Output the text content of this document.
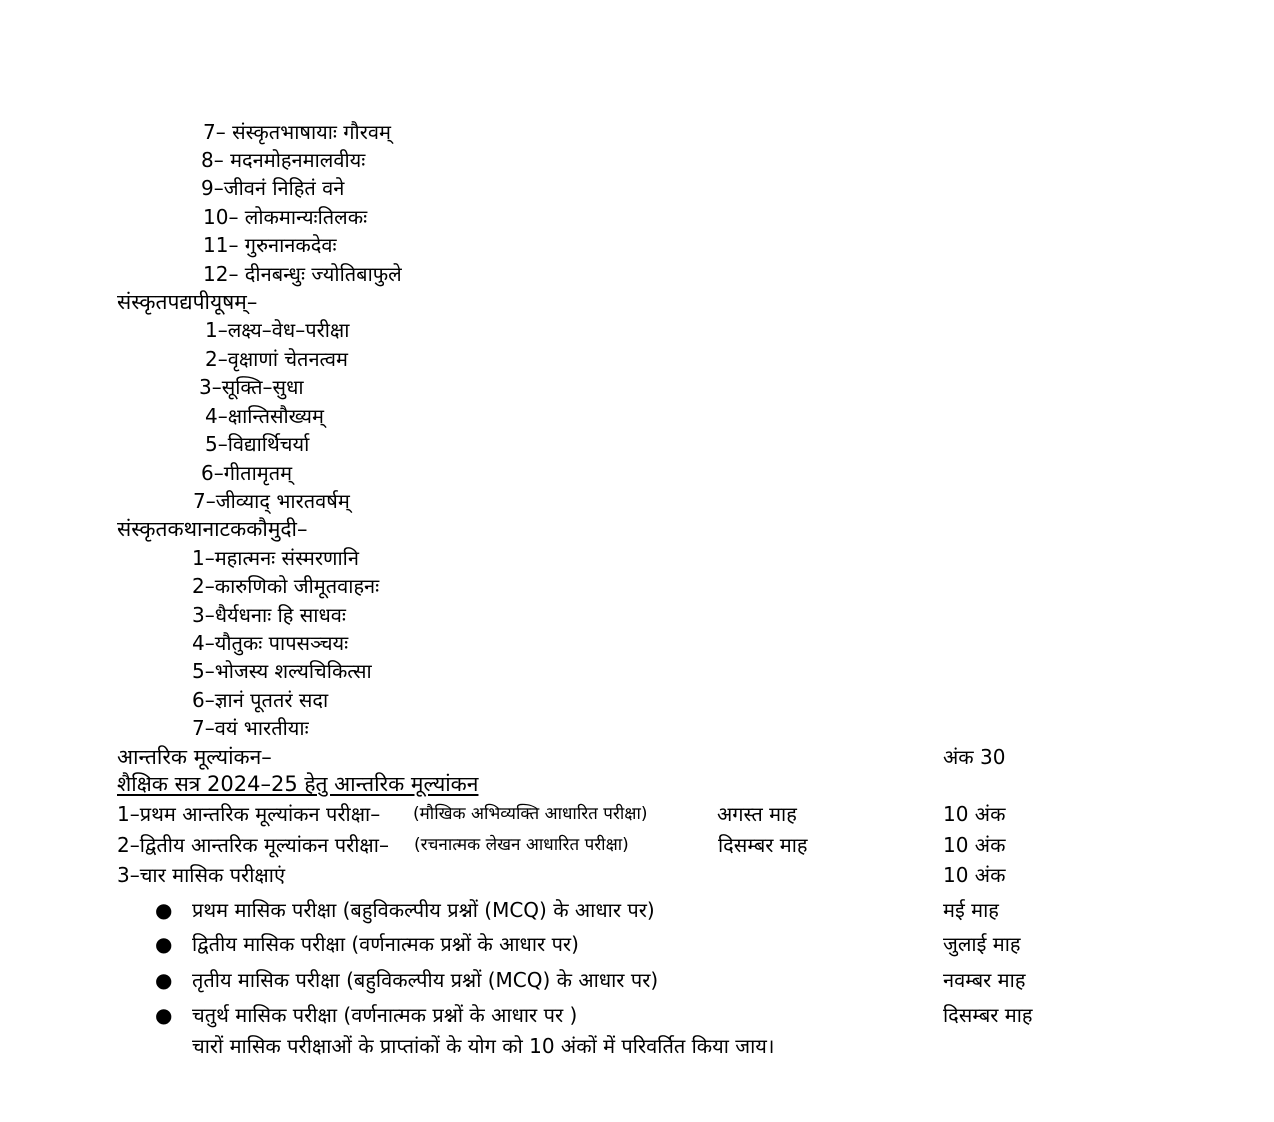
7– संस्कृतभाषायाः गौरवम्
8– मदनमोहनमालवीयः
9–जीवनं निहितं वने
10– लोकमान्यःतिलकः
11– गुरुनानकदेवः
12– दीनबन्धुः ज्योतिबाफुले
संस्कृतपद्यपीयूषम्–
1–लक्ष्य–वेध–परीक्षा
2–वृक्षाणां चेतनत्वम
3–सूक्ति–सुधा
4–क्षान्तिसौख्यम्
5–विद्यार्थिचर्या
6–गीतामृतम्
7–जीव्याद् भारतवर्षम्
संस्कृतकथानाटककौमुदी–
1–महात्मनः संस्मरणानि
2–कारुणिको जीमूतवाहनः
3–धैर्यधनाः हि साधवः
4–यौतुकः पापसञ्चयः
5–भोजस्य शल्यचिकित्सा
6–ज्ञानं पूततरं सदा
7–वयं भारतीयाः
आन्तरिक मूल्यांकन–	अंक 30
शैक्षिक सत्र 2024–25 हेतु आन्तरिक मूल्यांकन
1–प्रथम आन्तरिक मूल्यांकन परीक्षा– (मौखिक अभिव्यक्ति आधारित परीक्षा)	अगस्त माह	10 अंक
2–द्वितीय आन्तरिक मूल्यांकन परीक्षा– (रचनात्मक लेखन आधारित परीक्षा)	दिसम्बर माह	10 अंक
3–चार मासिक परीक्षाएं	10 अंक
● प्रथम मासिक परीक्षा (बहुविकल्पीय प्रश्नों (MCQ) के आधार पर)	मई माह
● द्वितीय मासिक परीक्षा (वर्णनात्मक प्रश्नों के आधार पर)	जुलाई माह
● तृतीय मासिक परीक्षा (बहुविकल्पीय प्रश्नों (MCQ) के आधार पर)	नवम्बर माह
● चतुर्थ मासिक परीक्षा (वर्णनात्मक प्रश्नों के आधार पर )	दिसम्बर माह
चारों मासिक परीक्षाओं के प्राप्तांकों के योग को 10 अंकों में परिवर्तित किया जाय।
